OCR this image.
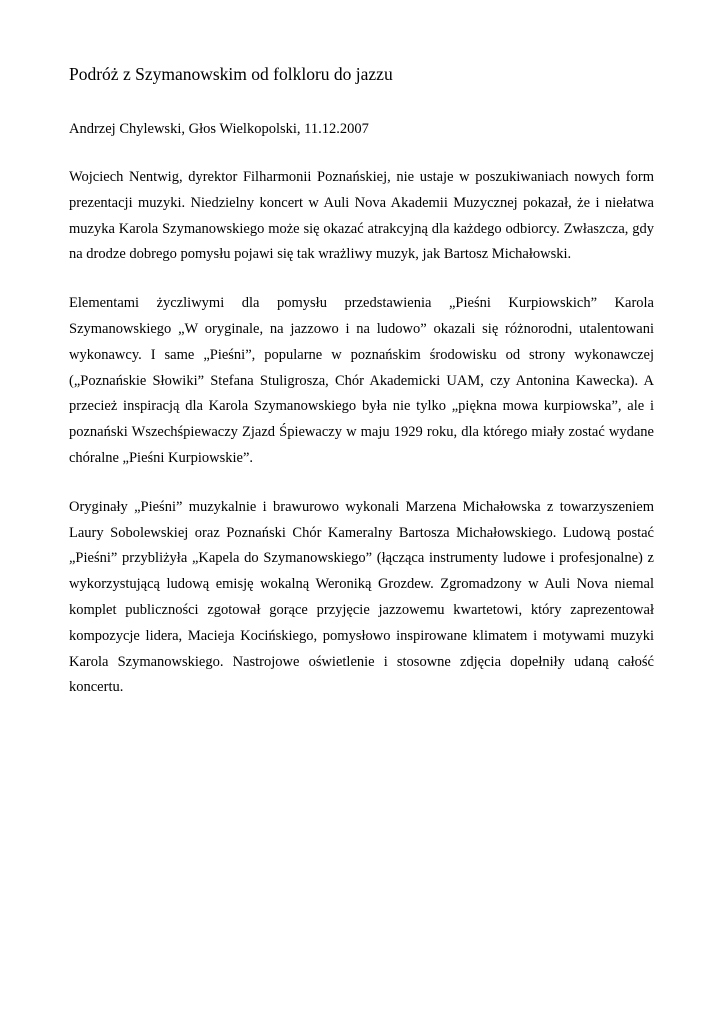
Podróż z Szymanowskim od folkloru do jazzu
Andrzej Chylewski, Głos Wielkopolski, 11.12.2007

Wojciech Nentwig, dyrektor Filharmonii Poznańskiej, nie ustaje w poszukiwaniach nowych form prezentacji muzyki. Niedzielny koncert w Auli Nova Akademii Muzycznej pokazał, że i niełatwa muzyka Karola Szymanowskiego może się okazać atrakcyjną dla każdego odbiorcy. Zwłaszcza, gdy na drodze dobrego pomysłu pojawi się tak wrażliwy muzyk, jak Bartosz Michałowski.

Elementami życzliwymi dla pomysłu przedstawienia „Pieśni Kurpiowskich” Karola Szymanowskiego „W oryginale, na jazzowo i na ludowo” okazali się różnorodni, utalentowani wykonawcy. I same „Pieśni”, popularne w poznańskim środowisku od strony wykonawczej („Poznańskie Słowiki” Stefana Stuligrosza, Chór Akademicki UAM, czy Antonina Kawecka). A przecież inspiracją dla Karola Szymanowskiego była nie tylko „piękna mowa kurpiowska”, ale i poznański Wszechśpiewaczy Zjazd Śpiewaczy w maju 1929 roku, dla którego miały zostać wydane chóralne „Pieśni Kurpiowskie”.

Oryginały „Pieśni” muzykalnie i brawurowo wykonali Marzena Michałowska z towarzyszeniem Laury Sobolewskiej oraz Poznański Chór Kameralny Bartosza Michałowskiego. Ludową postać „Pieśni” przybliżyła „Kapela do Szymanowskiego” (łącząca instrumenty ludowe i profesjonalne) z wykorzystującą ludową emisję wokalną Weroniką Grozdew. Zgromadzony w Auli Nova niemal komplet publiczności zgotował gorące przyjęcie jazzowemu kwartetowi, który zaprezentował kompozycje lidera, Macieja Kocińskiego, pomysłowo inspirowane klimatem i motywami muzyki Karola Szymanowskiego. Nastrojowe oświetlenie i stosowne zdjęcia dopełniły udaną całość koncertu.
